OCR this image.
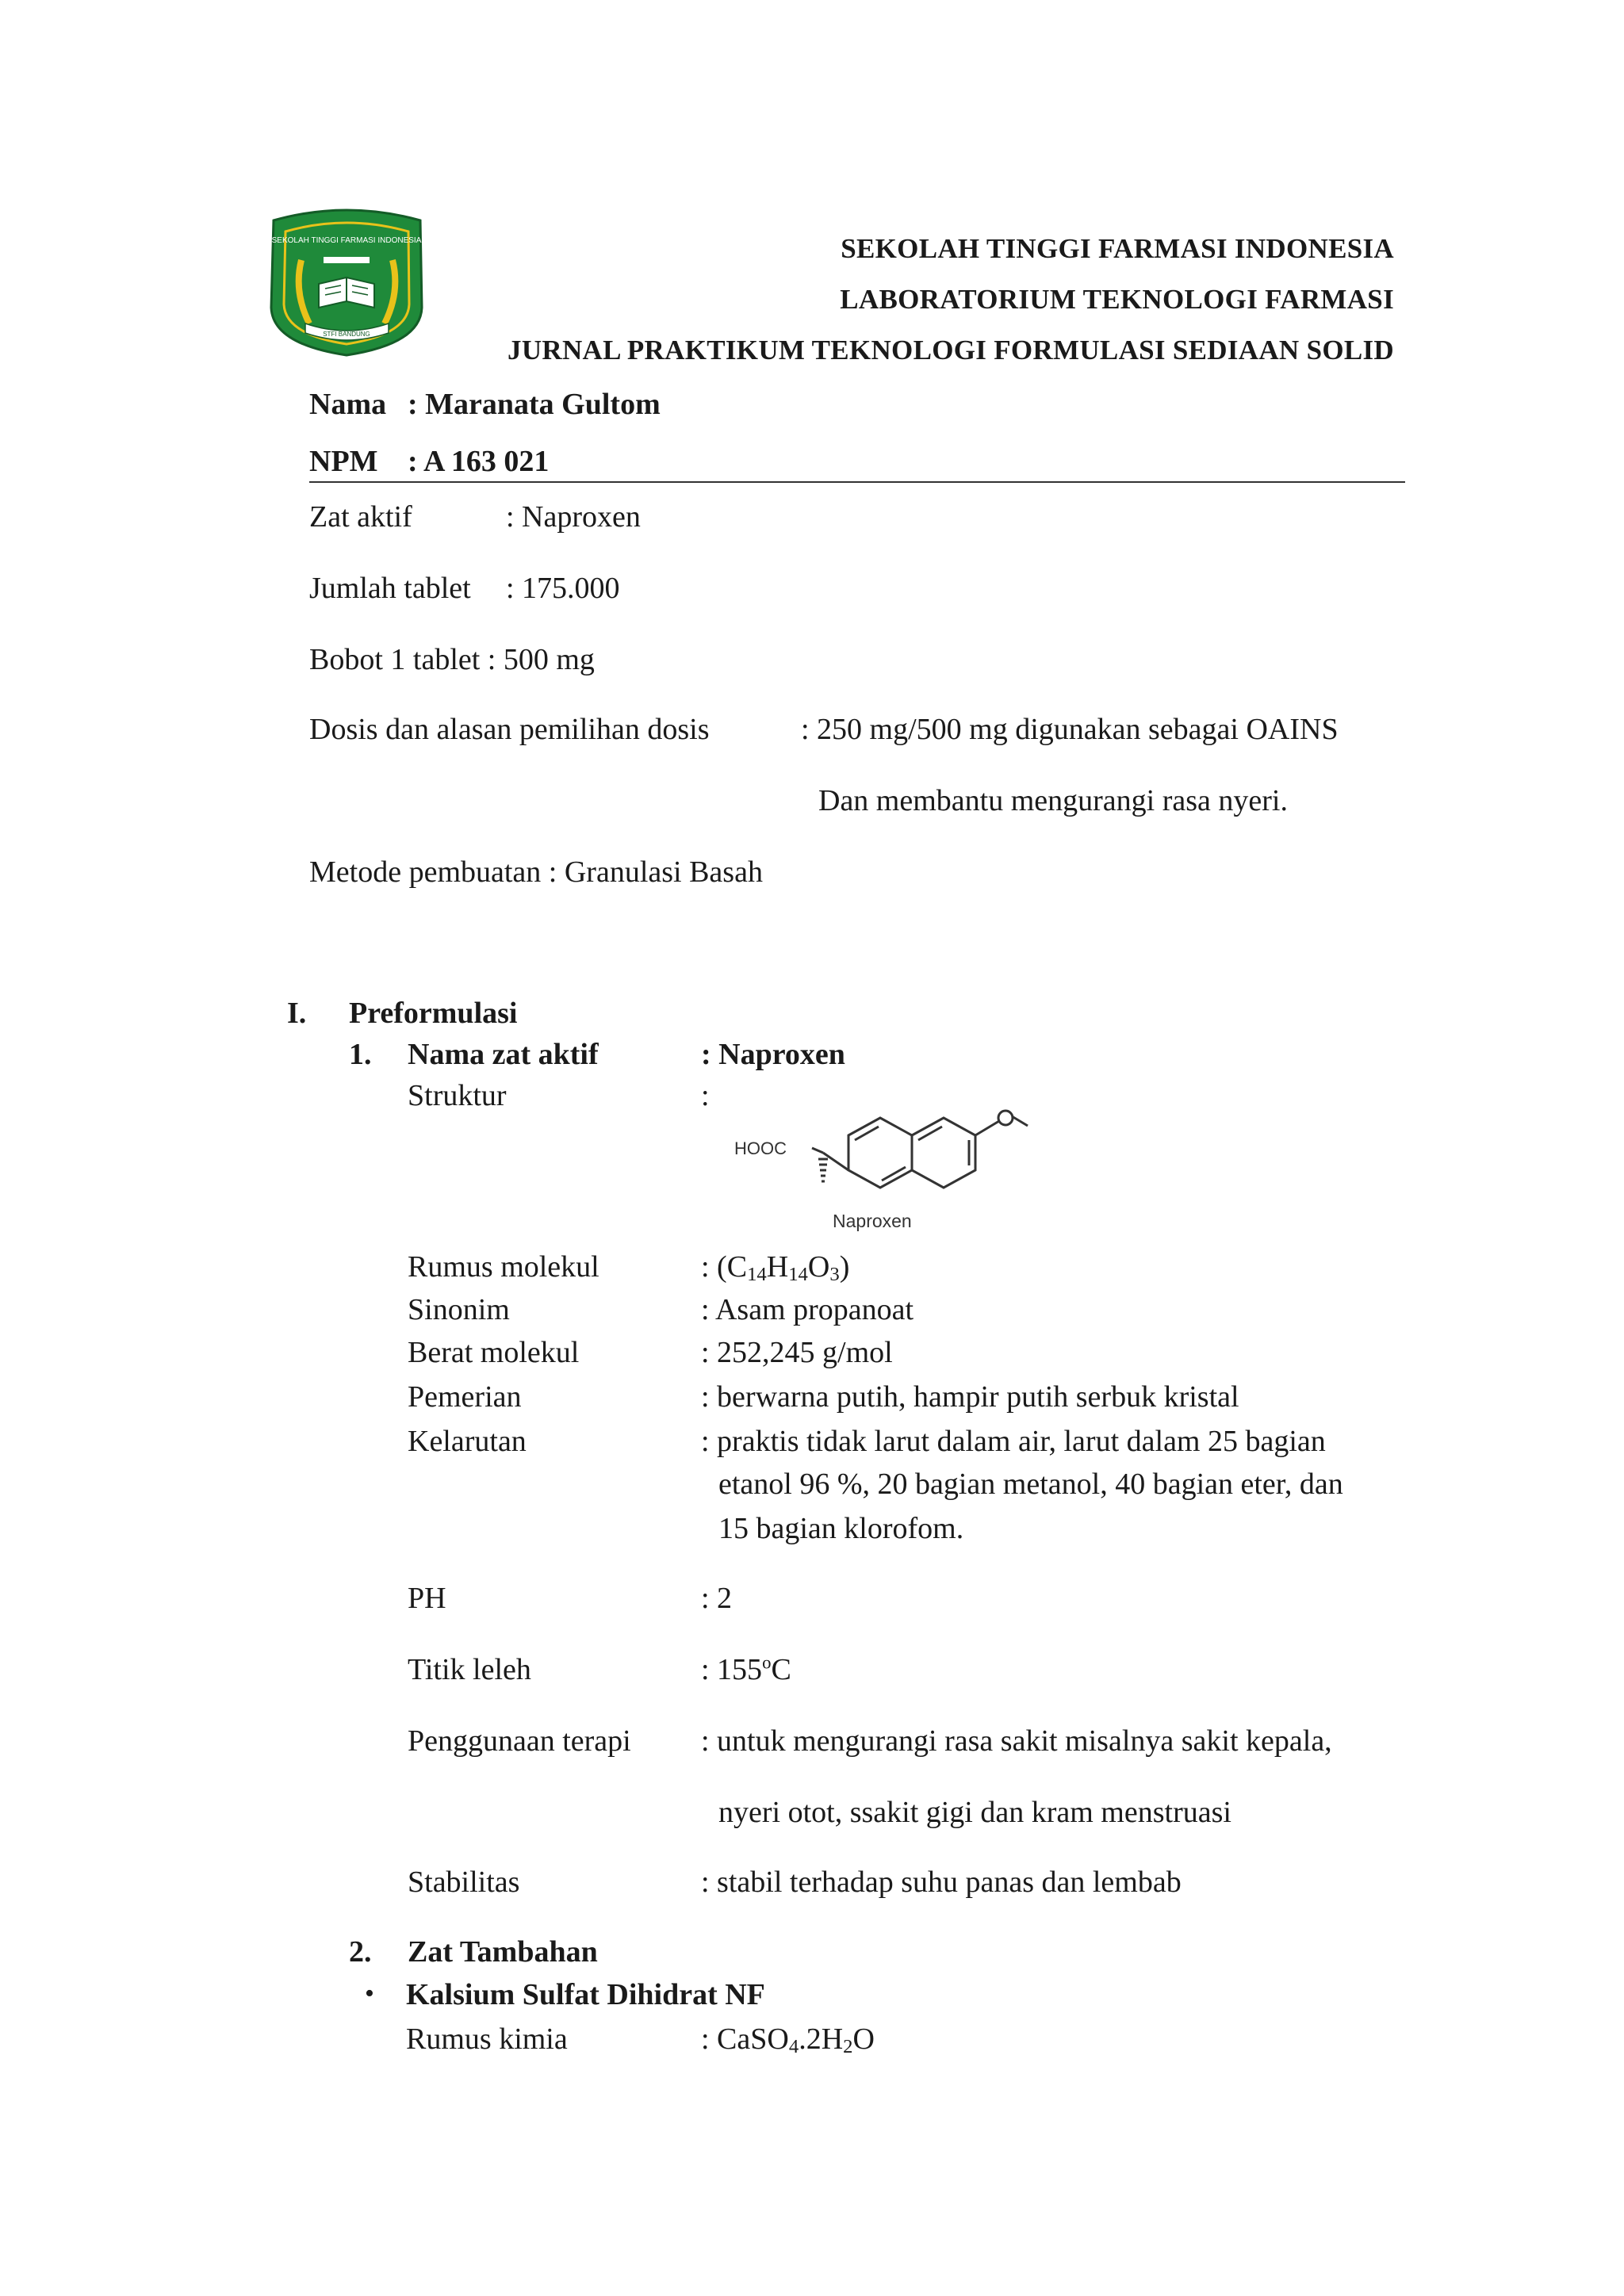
SEKOLAH TINGGI FARMASI INDONESIA
STFI BANDUNG
SEKOLAH TINGGI FARMASI INDONESIA
LABORATORIUM TEKNOLOGI FARMASI
JURNAL PRAKTIKUM TEKNOLOGI FORMULASI SEDIAAN SOLID
Nama : Maranata Gultom
NPM : A 163 021
Zat aktif	: Naproxen
Jumlah tablet : 175.000
Bobot 1 tablet : 500 mg
Dosis dan alasan pemilihan dosis	: 250 mg/500 mg digunakan sebagai OAINS
Dan membantu mengurangi rasa nyeri.
Metode pembuatan : Granulasi Basah
I. Preformulasi
1. Nama zat aktif	: Naproxen
Struktur	:
HOOC
Naproxen
Rumus molekul	: $(C_{14}H_{14}O_3)$
Sinonim	: Asam propanoat
Berat molekul	: 252,245 g/mol
Pemerian	: berwarna putih, hampir putih serbuk kristal
Kelarutan	: praktis tidak larut dalam air, larut dalam 25 bagian
etanol 96 %, 20 bagian metanol, 40 bagian eter, dan
15 bagian klorofom.
PH	: 2
Titik leleh	: 155$^o$C
Penggunaan terapi : untuk mengurangi rasa sakit misalnya sakit kepala,
nyeri otot, ssakit gigi dan kram menstruasi
Stabilitas	: stabil terhadap suhu panas dan lembab
2. Zat Tambahan
• Kalsium Sulfat Dihidrat NF
Rumus kimia	: $CaSO_4.2H_2O$
